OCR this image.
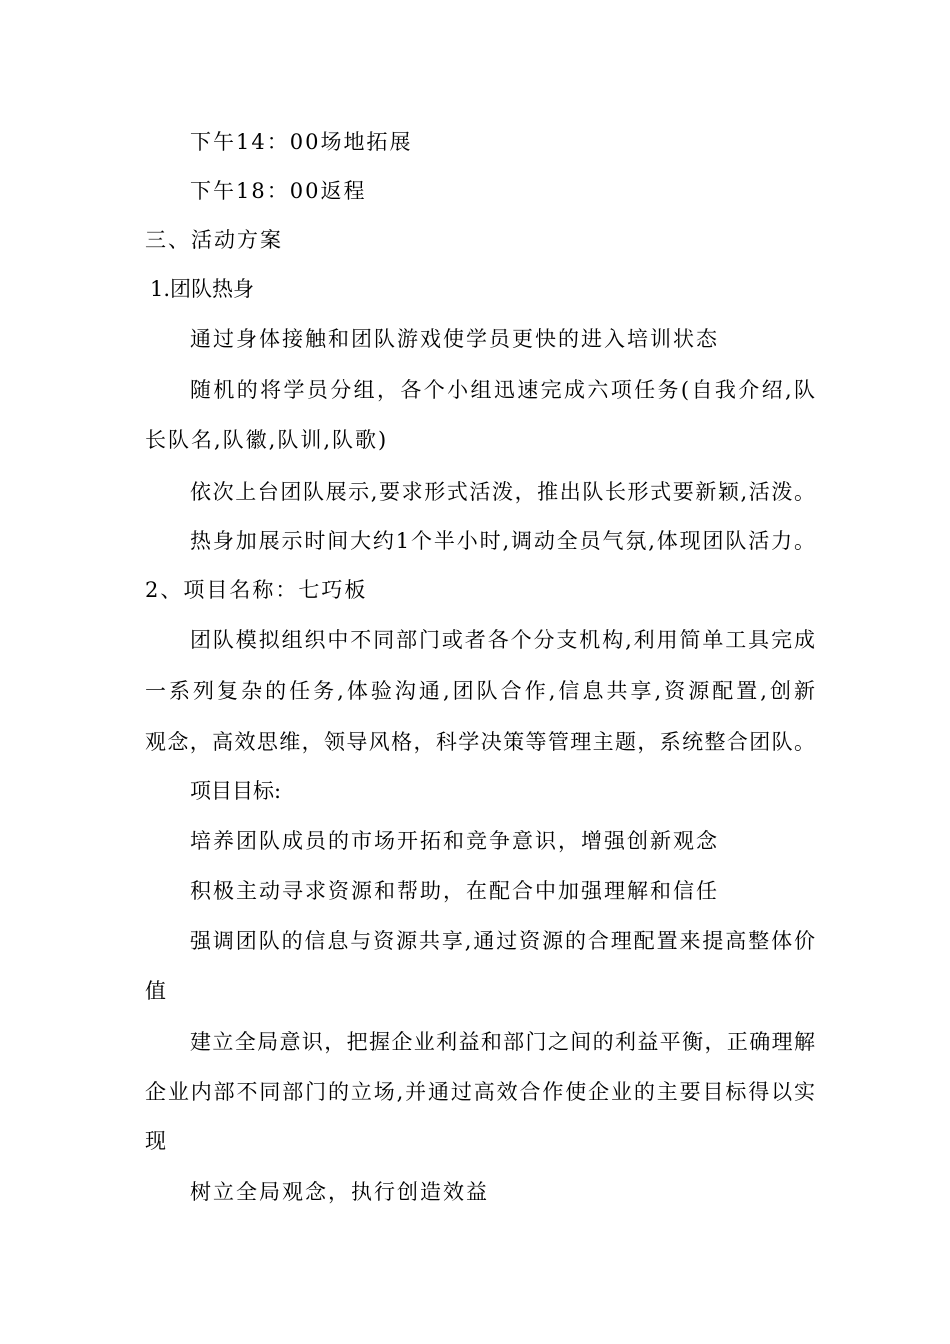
下午14：00场地拓展
下午18：00返程
三、活动方案
1.团队热身
通过身体接触和团队游戏使学员更快的进入培训状态
随机的将学员分组，各个小组迅速完成六项任务(自我介绍,队
长队名,队徽,队训,队歌)
依次上台团队展示,要求形式活泼，推出队长形式要新颖,活泼。
热身加展示时间大约1个半小时,调动全员气氛,体现团队活力。
2、项目名称：七巧板
团队模拟组织中不同部门或者各个分支机构,利用简单工具完成
一系列复杂的任务,体验沟通,团队合作,信息共享,资源配置,创新
观念，高效思维，领导风格，科学决策等管理主题，系统整合团队。
项目目标:
培养团队成员的市场开拓和竞争意识，增强创新观念
积极主动寻求资源和帮助，在配合中加强理解和信任
强调团队的信息与资源共享,通过资源的合理配置来提高整体价
值
建立全局意识，把握企业利益和部门之间的利益平衡，正确理解
企业内部不同部门的立场,并通过高效合作使企业的主要目标得以实
现
树立全局观念，执行创造效益
